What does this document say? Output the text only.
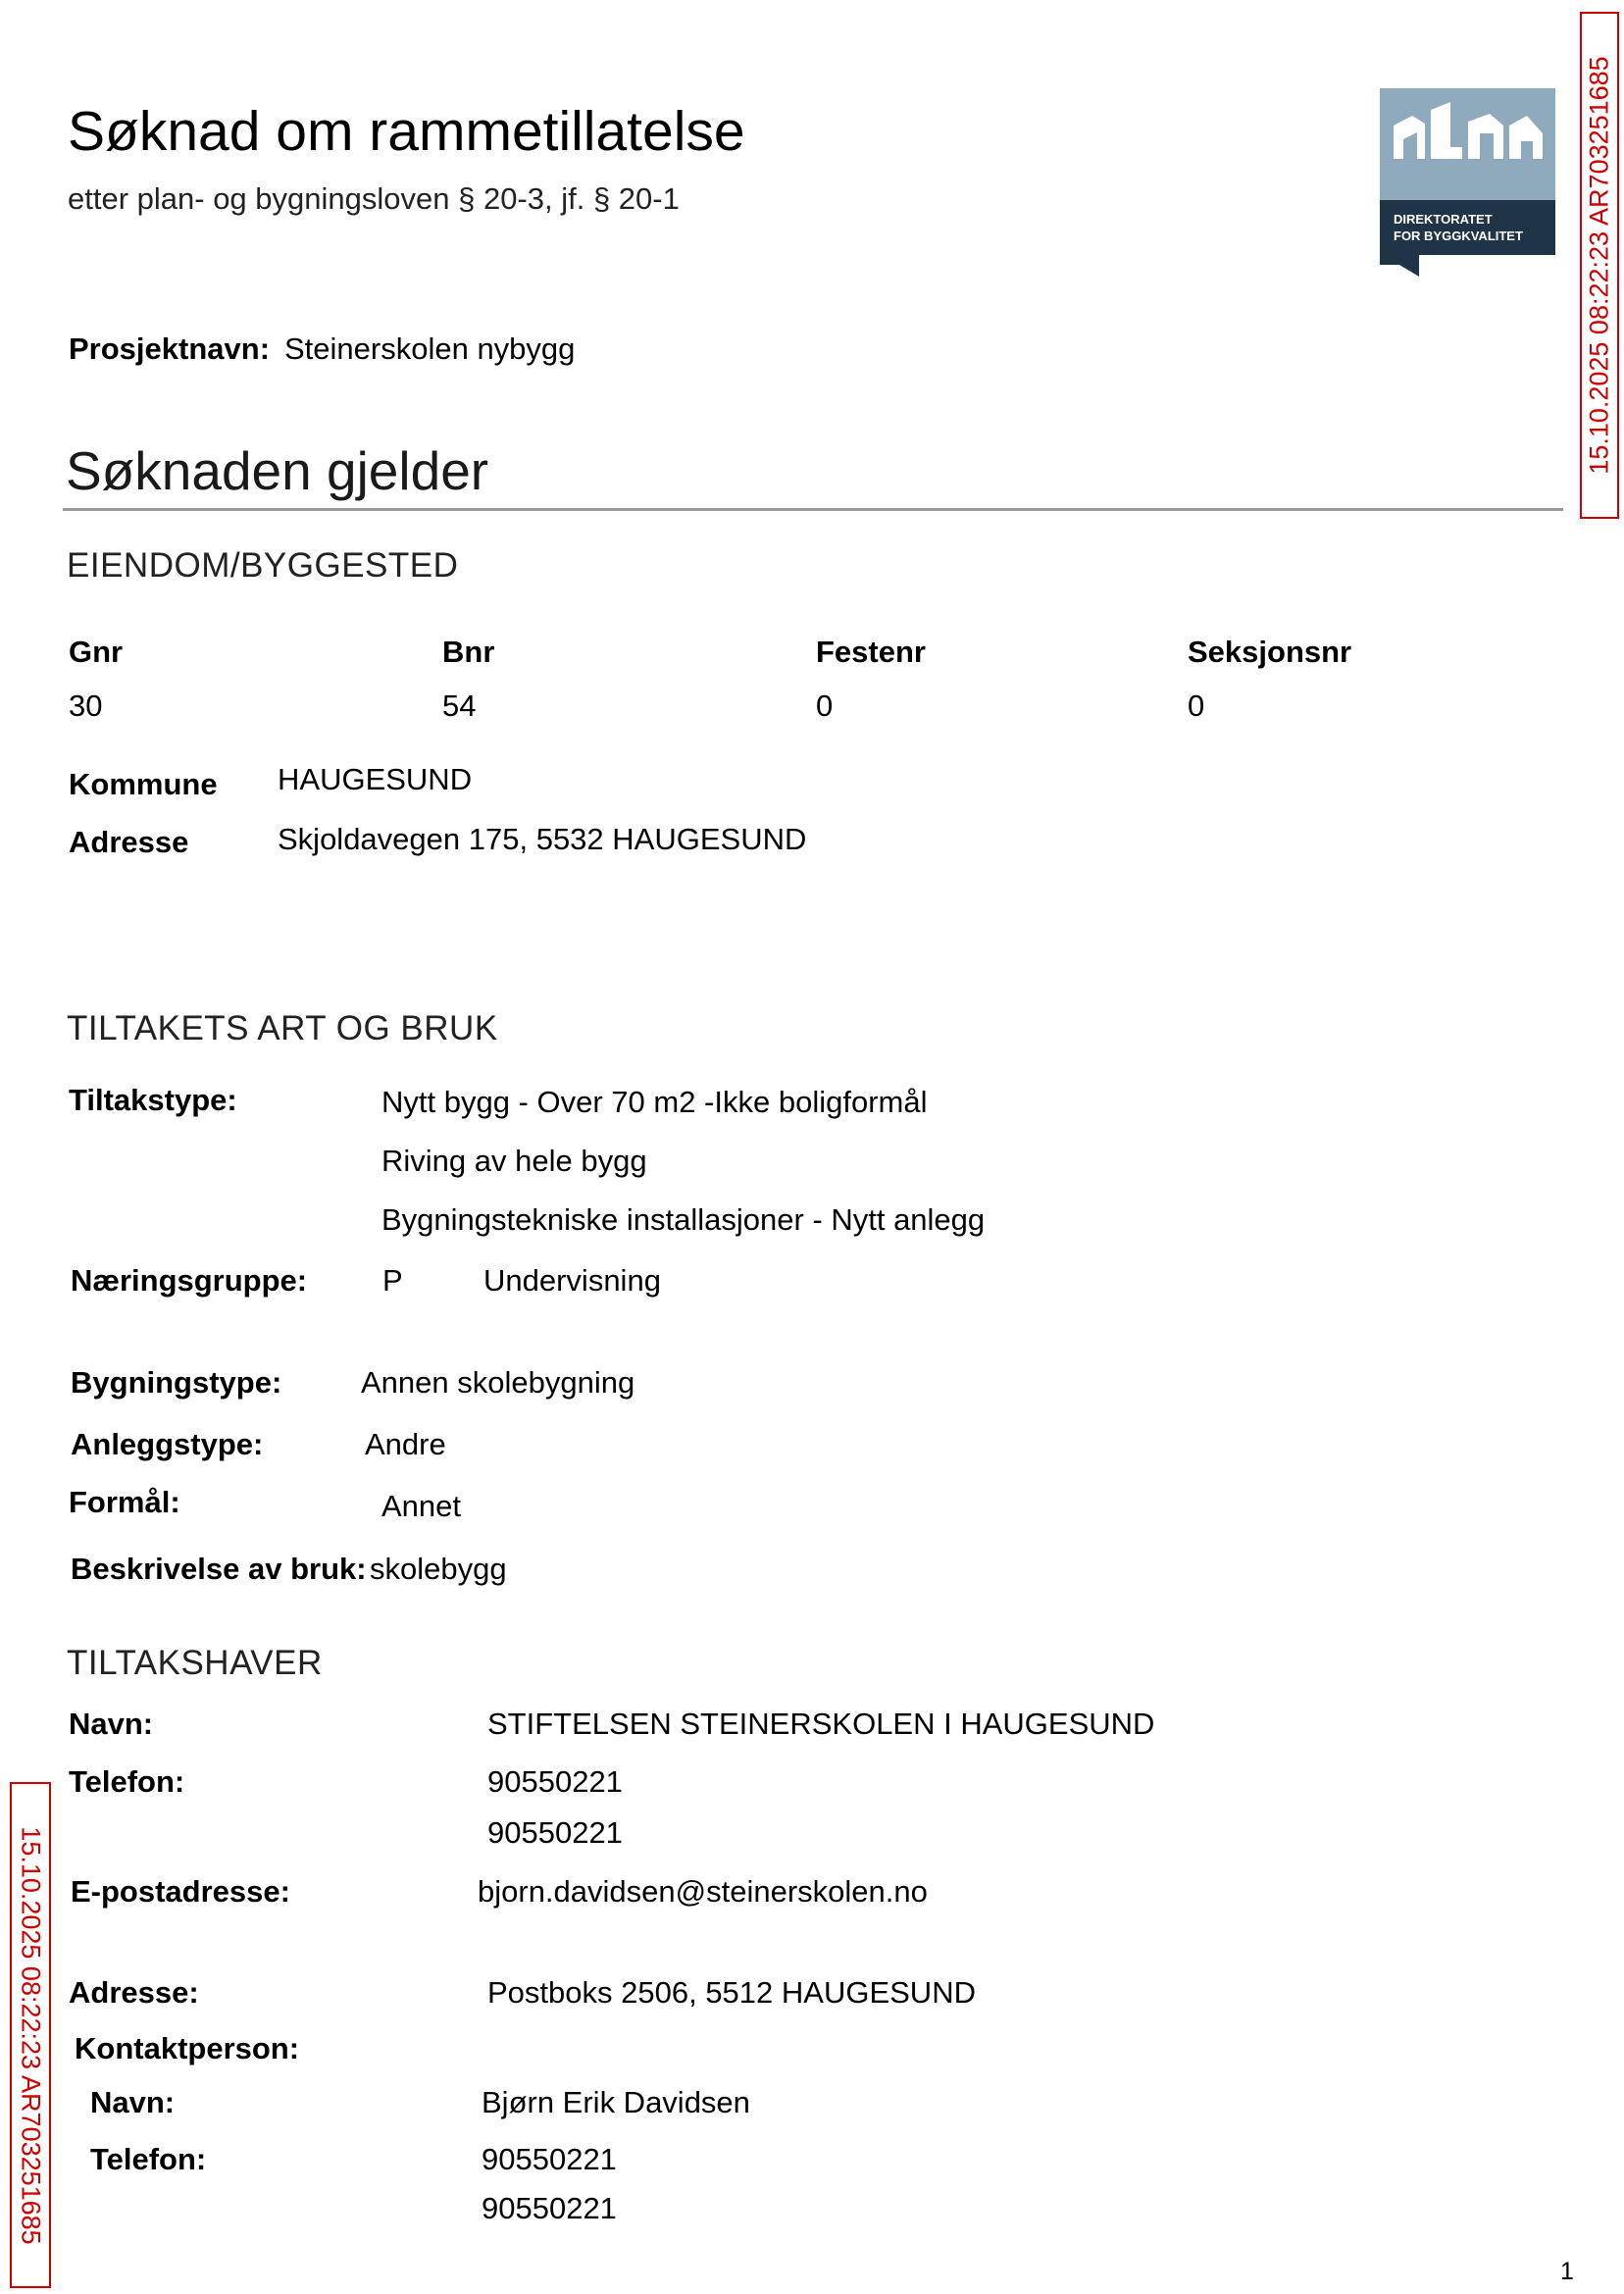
Søknad om rammetillatelse
etter plan- og bygningsloven § 20-3, jf. § 20-1
DIREKTORATET
FOR BYGGKVALITET 15.10.2025 08:22:23 AR703251685
15.10.2025 08:22:23 AR703251685
Prosjektnavn: Steinerskolen nybygg
Søknaden gjelder
EIENDOM/BYGGESTED
Gnr	Bnr	Festenr	Seksjonsnr
30	54	0	0
Kommune HAUGESUND
Adresse	Skjoldavegen 175, 5532 HAUGESUND
TILTAKETS ART OG BRUK
Tiltakstype:	Nytt bygg - Over 70 m2 -Ikke boligformål
Riving av hele bygg
Bygningstekniske installasjoner - Nytt anlegg
Næringsgruppe: P	Undervisning
Bygningstype:	Annen skolebygning
Anleggstype:	Andre
Formål:	Annet
Beskrivelse av bruk: skolebygg
TILTAKSHAVER
Navn:	STIFTELSEN STEINERSKOLEN I HAUGESUND
Telefon:	90550221
90550221
E-postadresse:	bjorn.davidsen@steinerskolen.no
Adresse:	Postboks 2506, 5512 HAUGESUND
Kontaktperson:
Navn:	Bjørn Erik Davidsen
Telefon:	90550221
90550221
1
